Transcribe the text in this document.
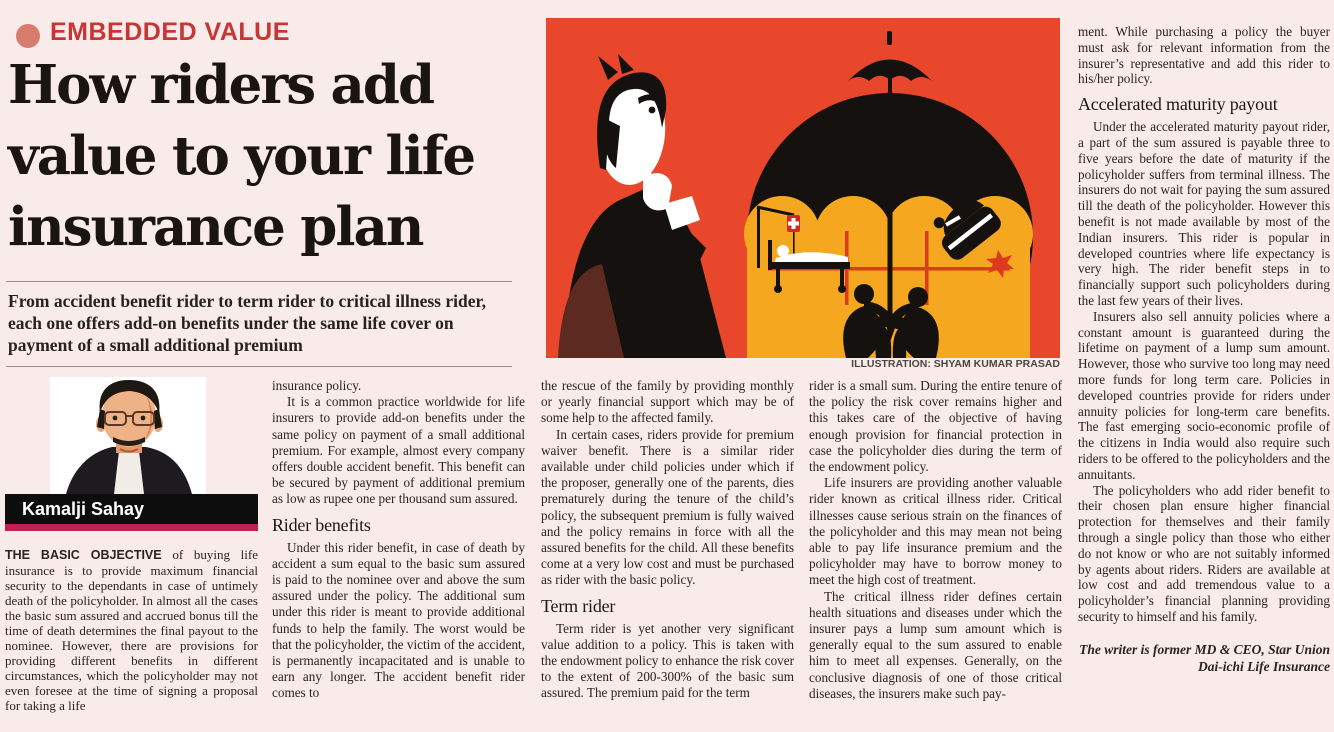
EMBEDDED VALUE
How riders add
value to your life
insurance plan
From accident benefit rider to term rider to critical illness rider, each one offers add-on benefits under the same life cover on payment of a small additional premium
Kamalji Sahay
ILLUSTRATION: SHYAM KUMAR PRASAD

THE BASIC OBJECTIVE of buying life insurance is to provide maximum financial security to the dependants in case of untimely death of the policyholder. In almost all the cases the basic sum assured and accrued bonus till the time of death determines the final payout to the nominee. However, there are provisions for providing different benefits in different circumstances, which the policyholder may not even foresee at the time of signing a proposal for taking a life

insurance policy.

It is a common practice worldwide for life insurers to provide add-on benefits under the same policy on payment of a small additional premium. For example, almost every company offers double accident benefit. This benefit can be secured by payment of additional premium as low as rupee one per thousand sum assured.

Rider benefits

Under this rider benefit, in case of death by accident a sum equal to the basic sum assured is paid to the nominee over and above the sum assured under the policy. The additional sum under this rider is meant to provide additional funds to help the family. The worst would be that the policyholder, the victim of the accident, is permanently incapacitated and is unable to earn any longer. The accident benefit rider comes to

the rescue of the family by providing monthly or yearly financial support which may be of some help to the affected family.

In certain cases, riders provide for premium waiver benefit. There is a similar rider available under child policies under which if the proposer, generally one of the parents, dies prematurely during the tenure of the child’s policy, the subsequent premium is fully waived and the policy remains in force with all the assured benefits for the child. All these benefits come at a very low cost and must be purchased as rider with the basic policy.

Term rider

Term rider is yet another very significant value addition to a policy. This is taken with the endowment policy to enhance the risk cover to the extent of 200-300% of the basic sum assured. The premium paid for the term

rider is a small sum. During the entire tenure of the policy the risk cover remains higher and this takes care of the objective of having enough provision for financial protection in case the policyholder dies during the term of the endowment policy.

Life insurers are providing another valuable rider known as critical illness rider. Critical illnesses cause serious strain on the finances of the policyholder and this may mean not being able to pay life insurance premium and the policyholder may have to borrow money to meet the high cost of treatment.

The critical illness rider defines certain health situations and diseases under which the insurer pays a lump sum amount which is generally equal to the sum assured to enable him to meet all expenses. Generally, on the conclusive diagnosis of one of those critical diseases, the insurers make such pay-

ment. While purchasing a policy the buyer must ask for relevant information from the insurer’s representative and add this rider to his/her policy.

Accelerated maturity payout

Under the accelerated maturity payout rider, a part of the sum assured is payable three to five years before the date of maturity if the policyholder suffers from terminal illness. The insurers do not wait for paying the sum assured till the death of the policyholder. However this benefit is not made available by most of the Indian insurers. This rider is popular in developed countries where life expectancy is very high. The rider benefit steps in to financially support such policyholders during the last few years of their lives.

Insurers also sell annuity policies where a constant amount is guaranteed during the lifetime on payment of a lump sum amount. However, those who survive too long may need more funds for long term care. Policies in developed countries provide for riders under annuity policies for long-term care benefits. The fast emerging socio-economic profile of the citizens in India would also require such riders to be offered to the policyholders and the annuitants.

The policyholders who add rider benefit to their chosen plan ensure higher financial protection for themselves and their family through a single policy than those who either do not know or who are not suitably informed by agents about riders. Riders are available at low cost and add tremendous value to a policyholder’s financial planning providing security to himself and his family.

The writer is former MD & CEO, Star Union Dai-ichi Life Insurance
